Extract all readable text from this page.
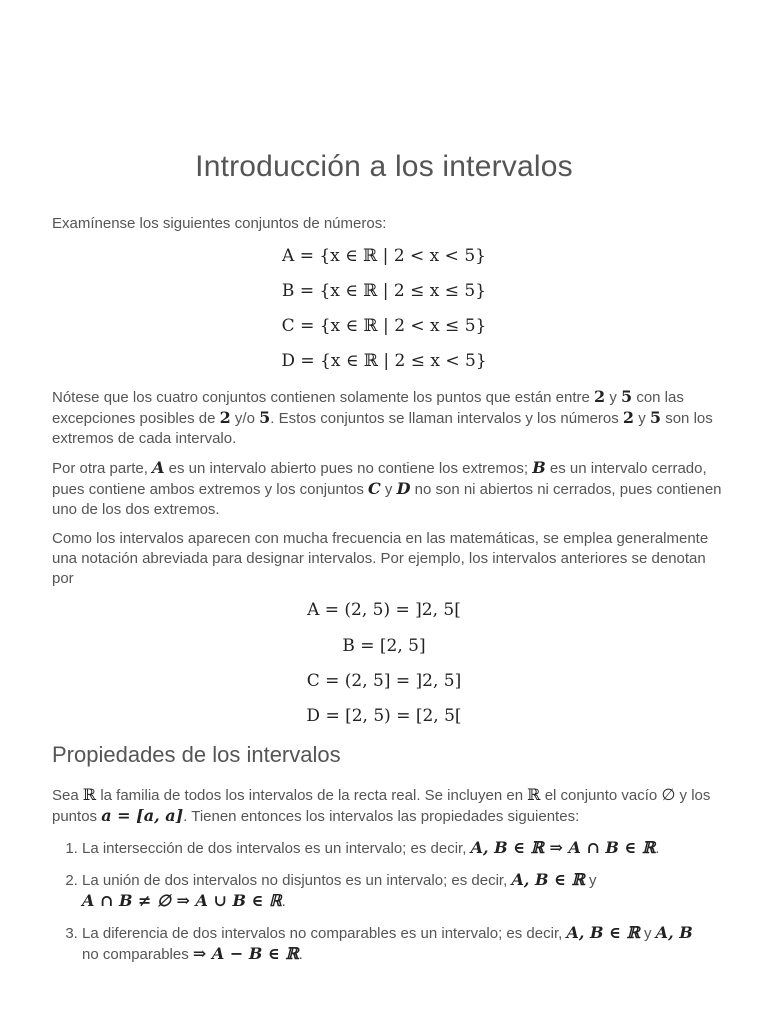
Introducción a los intervalos

Examínense los siguientes conjuntos de números:

A = {x ∈ ℝ | 2 < x < 5}
B = {x ∈ ℝ | 2 ≤ x ≤ 5}
C = {x ∈ ℝ | 2 < x ≤ 5}
D = {x ∈ ℝ | 2 ≤ x < 5}

Nótese que los cuatro conjuntos contienen solamente los puntos que están entre 2 y 5 con las excepciones posibles de 2 y/o 5. Estos conjuntos se llaman intervalos y los números 2 y 5 son los extremos de cada intervalo.

Por otra parte, A es un intervalo abierto pues no contiene los extremos; B es un intervalo cerrado, pues contiene ambos extremos y los conjuntos C y D no son ni abiertos ni cerrados, pues contienen uno de los dos extremos.

Como los intervalos aparecen con mucha frecuencia en las matemáticas, se emplea generalmente una notación abreviada para designar intervalos. Por ejemplo, los intervalos anteriores se denotan por

A = (2, 5) = ]2, 5[
B = [2, 5]
C = (2, 5] = ]2, 5]
D = [2, 5) = [2, 5[
Propiedades de los intervalos

Sea ℝ la familia de todos los intervalos de la recta real. Se incluyen en ℝ el conjunto vacío ∅ y los puntos a = [a, a]. Tienen entonces los intervalos las propiedades siguientes:

1. La intersección de dos intervalos es un intervalo; es decir, A, B ∈ ℝ ⇒ A ∩ B ∈ ℝ.
2. La unión de dos intervalos no disjuntos es un intervalo; es decir, A, B ∈ ℝ y
A ∩ B ≠ ∅ ⇒ A ∪ B ∈ ℝ.
3. La diferencia de dos intervalos no comparables es un intervalo; es decir, A, B ∈ ℝ y A, B
no comparables ⇒ A − B ∈ ℝ.
